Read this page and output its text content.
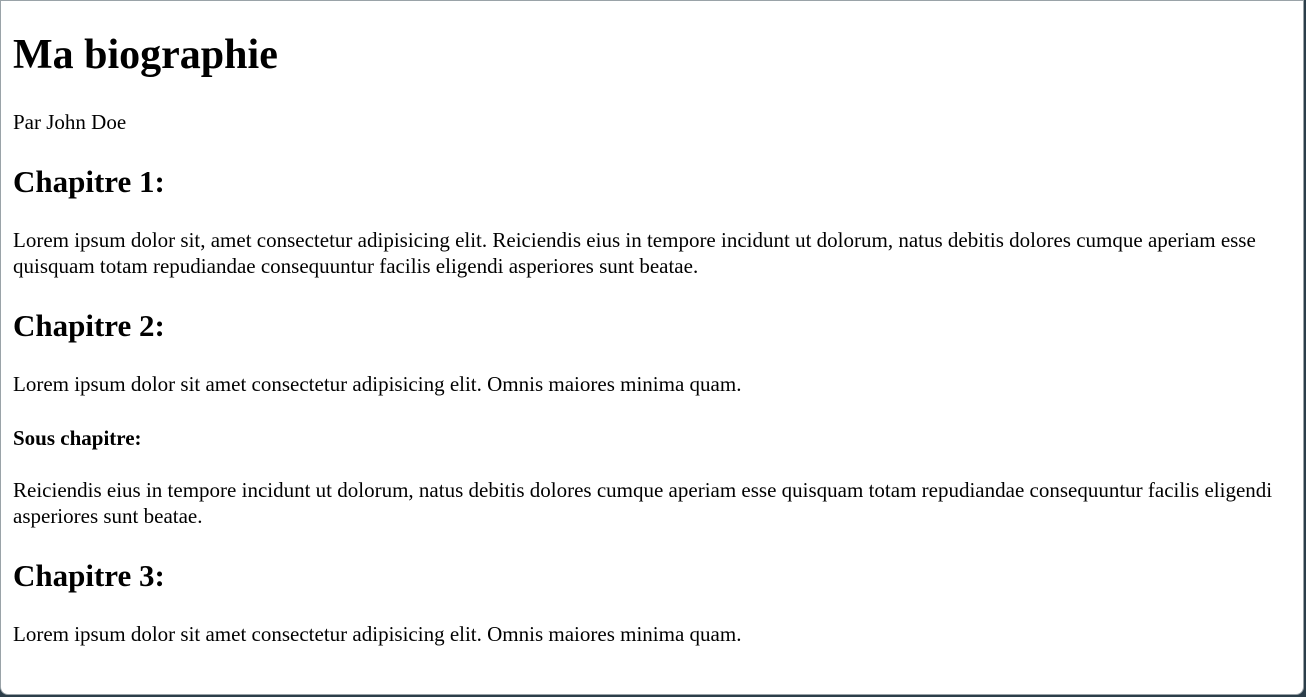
Ma biographie

Par John Doe

Chapitre 1:

Lorem ipsum dolor sit, amet consectetur adipisicing elit. Reiciendis eius in tempore incidunt ut dolorum, natus debitis dolores cumque aperiam esse quisquam totam repudiandae consequuntur facilis eligendi asperiores sunt beatae.

Chapitre 2:

Lorem ipsum dolor sit amet consectetur adipisicing elit. Omnis maiores minima quam.

Sous chapitre:

Reiciendis eius in tempore incidunt ut dolorum, natus debitis dolores cumque aperiam esse quisquam totam repudiandae consequuntur facilis eligendi asperiores sunt beatae.

Chapitre 3:

Lorem ipsum dolor sit amet consectetur adipisicing elit. Omnis maiores minima quam.
